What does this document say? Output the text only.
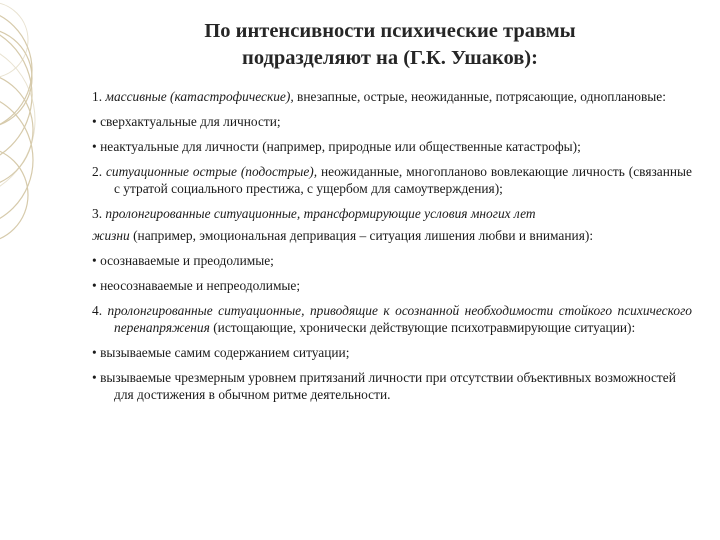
По интенсивности психические травмы
подразделяют на (Г.К. Ушаков):

1. массивные (катастрофические), внезапные, острые, неожиданные, потрясающие, одноплановые:

• сверхактуальные для личности;

• неактуальные для личности (например, природные или общественные катастрофы);

2. ситуационные острые (подострые), неожиданные, многопланово вовлекающие личность (связанные с утратой социального престижа, с ущербом для самоутверждения);

3. пролонгированные ситуационные, трансформирующие условия многих лет

жизни (например, эмоциональная депривация – ситуация лишения любви и внимания):

• осознаваемые и преодолимые;

• неосознаваемые и непреодолимые;

4. пролонгированные ситуационные, приводящие к осознанной необходимости стойкого психического перенапряжения (истощающие, хронически действующие психотравмирующие ситуации):

• вызываемые самим содержанием ситуации;

• вызываемые чрезмерным уровнем притязаний личности при отсутствии объективных возможностей для достижения в обычном ритме деятельности.
